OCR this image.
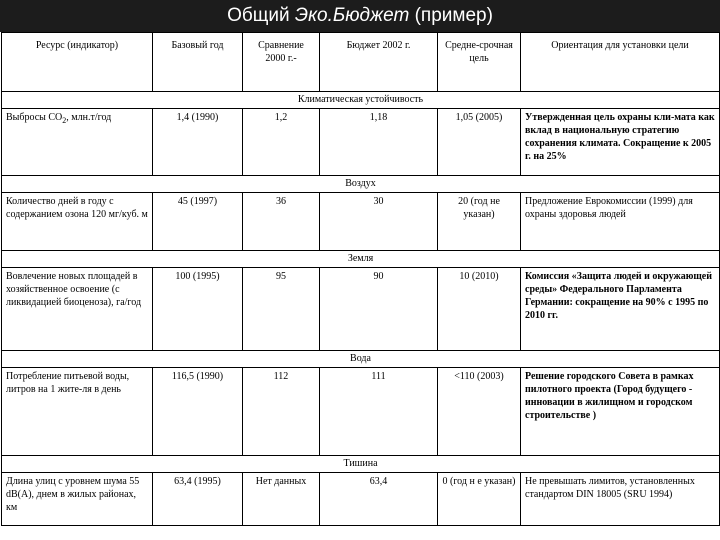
Общий Эко.Бюджет (пример)
Ресурс (индикатор)	Базовый год	Сравнение 2000 г.-	Бюджет 2002 г.	Средне-срочная цель	Ориентация для установки цели
Климатическая устойчивость					
Выбросы $СО_2$, млн.т/год	1,4 (1990)	1,2	1,18	1,05 (2005)	Утвержденная цель охраны кли-мата как вклад в национальную стратегию сохранения климата. Сокращение к 2005 г. на 25%
Воздух					
Количество дней в году с содержанием озона 120 мг/куб. м	45 (1997)	36	30	20 (год не указан)	Предложение Еврокомиссии (1999) для охраны здоровья людей
Земля					
Вовлечение новых площадей в хозяйственное освоение (с ликвидацией биоценоза), га/год	100 (1995)	95	90	10 (2010)	Комиссия «Защита людей и окружающей среды» Федерального Парламента Германии: сокращение на 90% с 1995 по 2010 гг.
Вода					
Потребление питьевой воды, литров на 1 жите-ля в день	116,5 (1990)	112	111	<110 (2003)	Решение городского Совета в рамках пилотного проекта (Город будущего - инновации в жилищном и городском строительстве )
Тишина					
Длина улиц с уровнем шума 55 dB(A), днем в жилых районах, км	63,4 (1995)	Нет данных	63,4	0 (год н е указан)	Не превышать лимитов, установленных стандартом DIN 18005 (SRU 1994)
